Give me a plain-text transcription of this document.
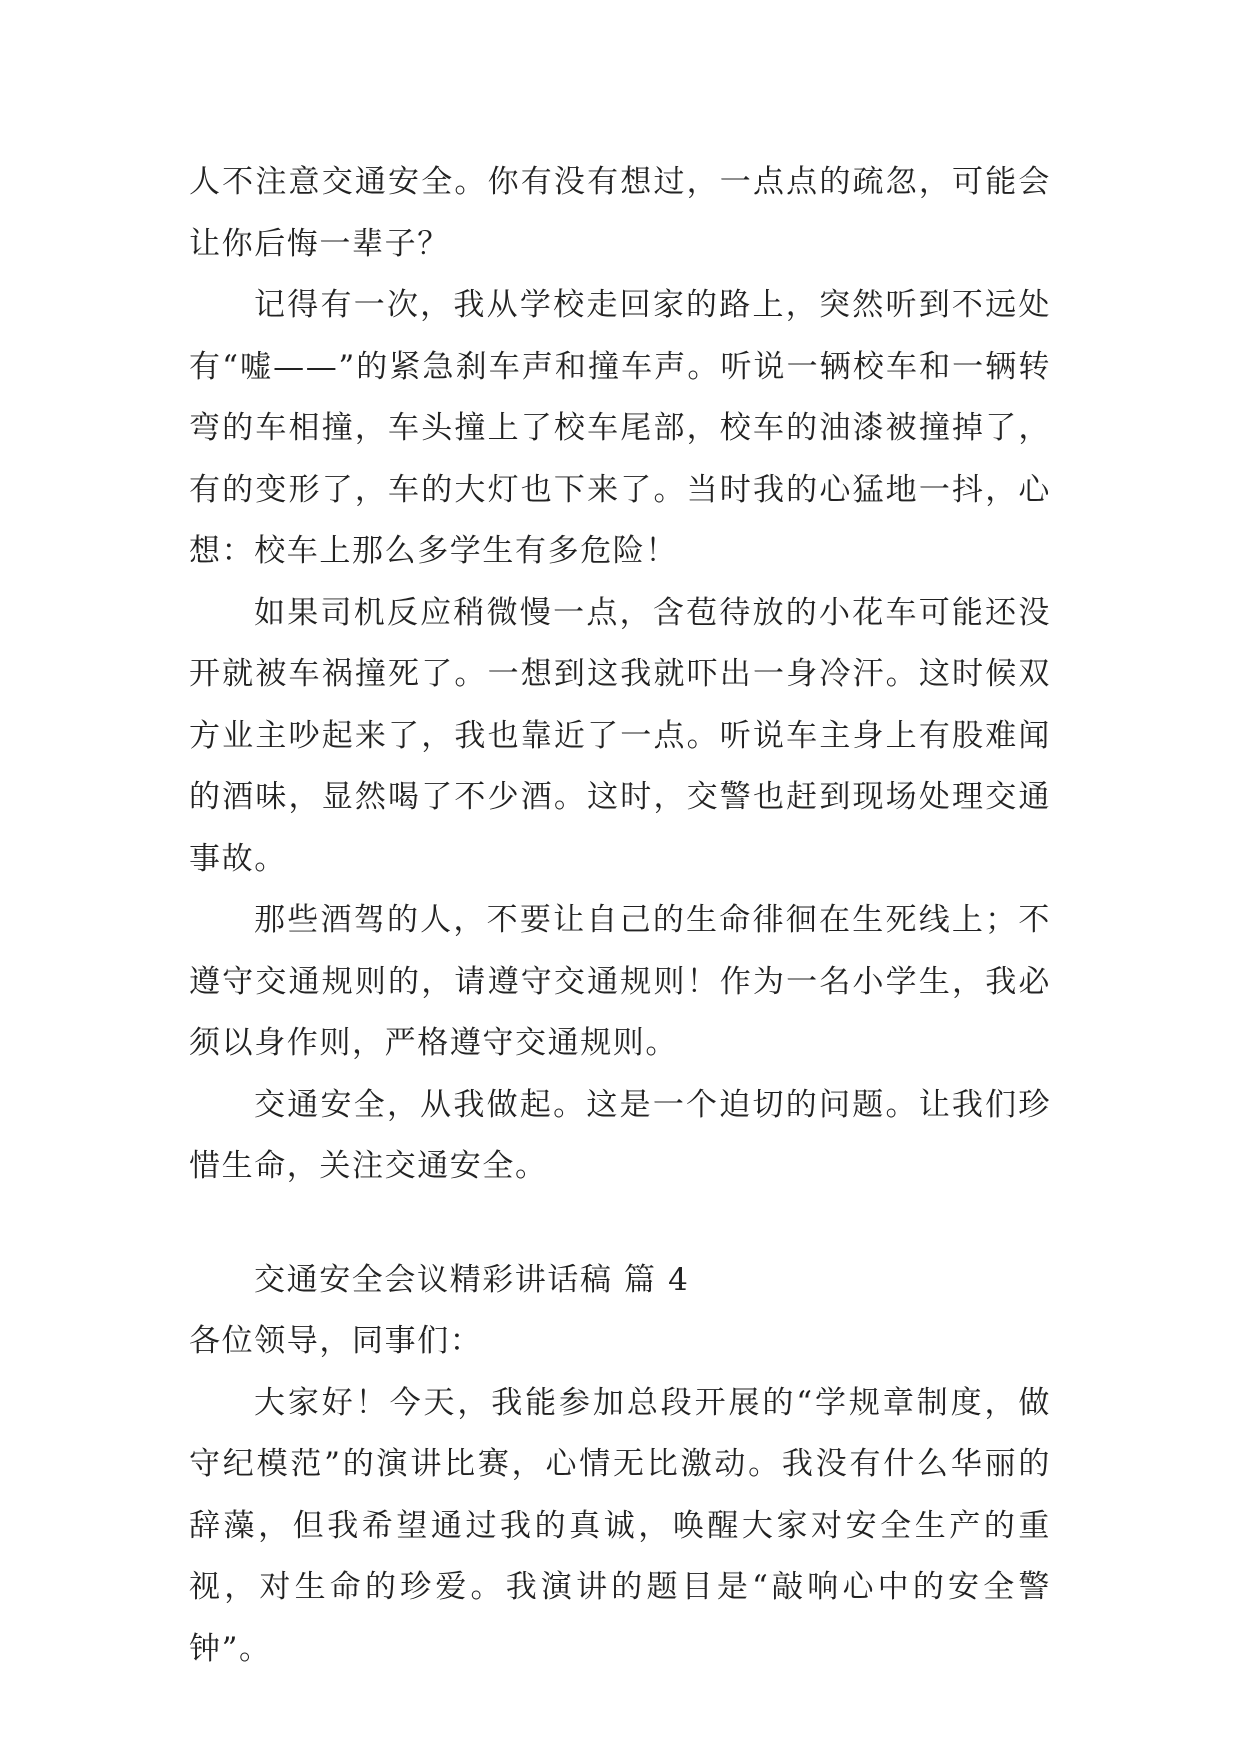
人不注意交通安全。你有没有想过，一点点的疏忽，可能会让你后悔一辈子？

记得有一次，我从学校走回家的路上，突然听到不远处有“嘘——”的紧急刹车声和撞车声。听说一辆校车和一辆转弯的车相撞，车头撞上了校车尾部，校车的油漆被撞掉了，有的变形了，车的大灯也下来了。当时我的心猛地一抖，心想：校车上那么多学生有多危险！

如果司机反应稍微慢一点，含苞待放的小花车可能还没开就被车祸撞死了。一想到这我就吓出一身冷汗。这时候双方业主吵起来了，我也靠近了一点。听说车主身上有股难闻的酒味，显然喝了不少酒。这时，交警也赶到现场处理交通事故。

那些酒驾的人，不要让自己的生命徘徊在生死线上；不遵守交通规则的，请遵守交通规则！作为一名小学生，我必须以身作则，严格遵守交通规则。

交通安全，从我做起。这是一个迫切的问题。让我们珍惜生命，关注交通安全。

交通安全会议精彩讲话稿 篇 4

各位领导，同事们：

大家好！今天，我能参加总段开展的“学规章制度，做守纪模范”的演讲比赛，心情无比激动。我没有什么华丽的辞藻，但我希望通过我的真诚，唤醒大家对安全生产的重视，对生命的珍爱。我演讲的题目是“敲响心中的安全警钟”。
